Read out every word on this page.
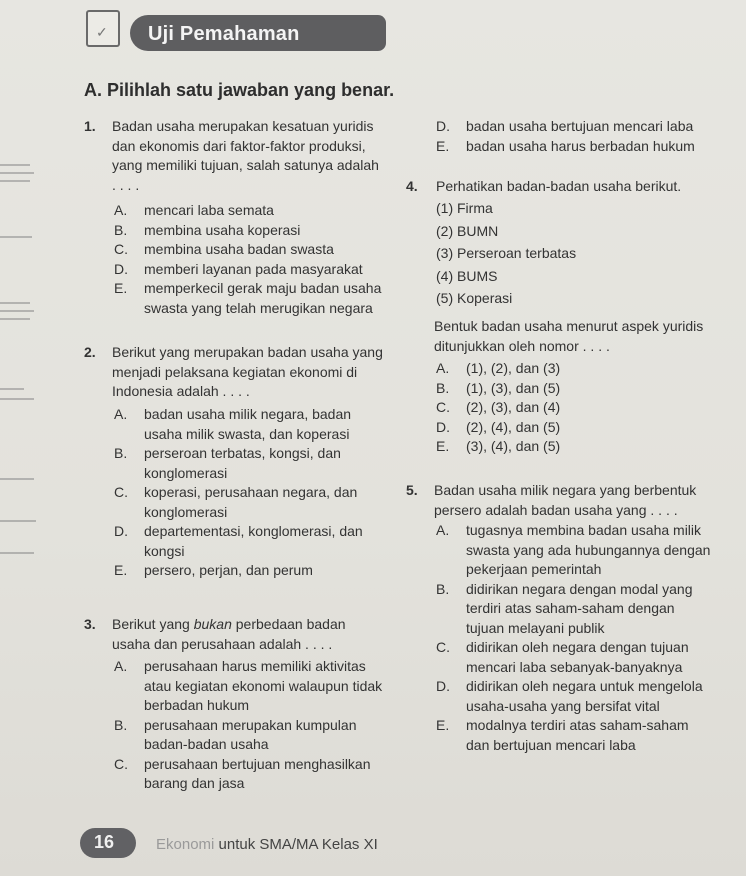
✓ Uji Pemahaman
A. Pilihlah satu jawaban yang benar.
1. Badan usaha merupakan kesatuan yuridis
dan ekonomis dari faktor-faktor produksi,
yang memiliki tujuan, salah satunya adalah
. . . .
A. mencari laba semata
B. membina usaha koperasi
C. membina usaha badan swasta
D. memberi layanan pada masyarakat
E. memperkecil gerak maju badan usaha
swasta yang telah merugikan negara
2. Berikut yang merupakan badan usaha yang
menjadi pelaksana kegiatan ekonomi di
Indonesia adalah . . . .
A. badan usaha milik negara, badan
usaha milik swasta, dan koperasi
B. perseroan terbatas, kongsi, dan
konglomerasi
C. koperasi, perusahaan negara, dan
konglomerasi
D. departementasi, konglomerasi, dan
kongsi
E. persero, perjan, dan perum
3. Berikut yang bukan perbedaan badan
usaha dan perusahaan adalah . . . .
A. perusahaan harus memiliki aktivitas
atau kegiatan ekonomi walaupun tidak
berbadan hukum
B. perusahaan merupakan kumpulan
badan-badan usaha
C. perusahaan bertujuan menghasilkan
barang dan jasa
D. badan usaha bertujuan mencari laba
E. badan usaha harus berbadan hukum
4. Perhatikan badan-badan usaha berikut.
(1) Firma
(2) BUMN
(3) Perseroan terbatas
(4) BUMS
(5) Koperasi
Bentuk badan usaha menurut aspek yuridis
ditunjukkan oleh nomor . . . .
A. (1), (2), dan (3)
B. (1), (3), dan (5)
C. (2), (3), dan (4)
D. (2), (4), dan (5)
E. (3), (4), dan (5)
5. Badan usaha milik negara yang berbentuk
persero adalah badan usaha yang . . . .
A. tugasnya membina badan usaha milik
swasta yang ada hubungannya dengan
pekerjaan pemerintah
B. didirikan negara dengan modal yang
terdiri atas saham-saham dengan
tujuan melayani publik
C. didirikan oleh negara dengan tujuan
mencari laba sebanyak-banyaknya
D. didirikan oleh negara untuk mengelola
usaha-usaha yang bersifat vital
E. modalnya terdiri atas saham-saham
dan bertujuan mencari laba
16	Ekonomi untuk SMA/MA Kelas XI
